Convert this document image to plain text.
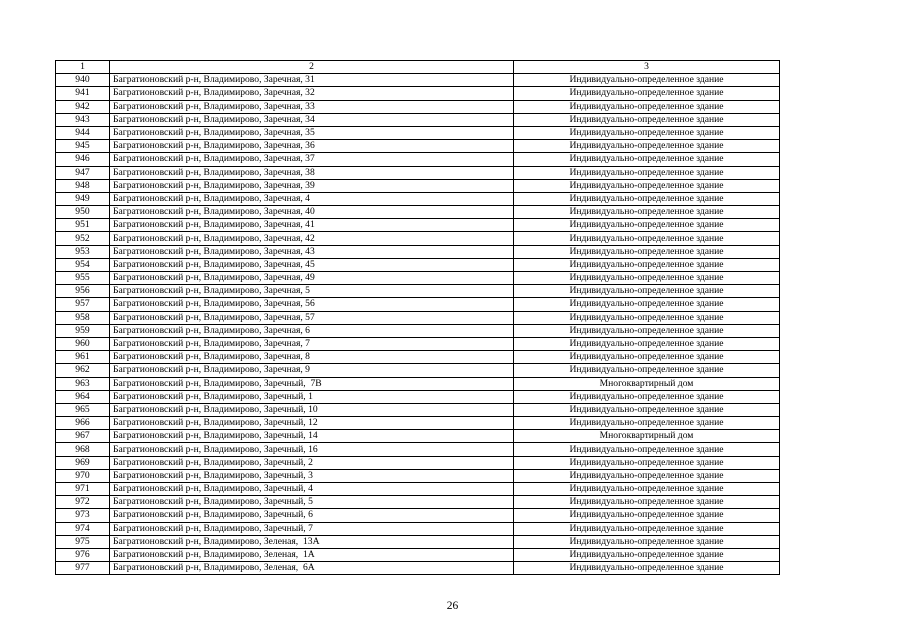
1	2	3
940	Багратионовский р-н, Владимирово, Заречная, 31	Индивидуально-определенное здание
941	Багратионовский р-н, Владимирово, Заречная, 32	Индивидуально-определенное здание
942	Багратионовский р-н, Владимирово, Заречная, 33	Индивидуально-определенное здание
943	Багратионовский р-н, Владимирово, Заречная, 34	Индивидуально-определенное здание
944	Багратионовский р-н, Владимирово, Заречная, 35	Индивидуально-определенное здание
945	Багратионовский р-н, Владимирово, Заречная, 36	Индивидуально-определенное здание
946	Багратионовский р-н, Владимирово, Заречная, 37	Индивидуально-определенное здание
947	Багратионовский р-н, Владимирово, Заречная, 38	Индивидуально-определенное здание
948	Багратионовский р-н, Владимирово, Заречная, 39	Индивидуально-определенное здание
949	Багратионовский р-н, Владимирово, Заречная, 4	Индивидуально-определенное здание
950	Багратионовский р-н, Владимирово, Заречная, 40	Индивидуально-определенное здание
951	Багратионовский р-н, Владимирово, Заречная, 41	Индивидуально-определенное здание
952	Багратионовский р-н, Владимирово, Заречная, 42	Индивидуально-определенное здание
953	Багратионовский р-н, Владимирово, Заречная, 43	Индивидуально-определенное здание
954	Багратионовский р-н, Владимирово, Заречная, 45	Индивидуально-определенное здание
955	Багратионовский р-н, Владимирово, Заречная, 49	Индивидуально-определенное здание
956	Багратионовский р-н, Владимирово, Заречная, 5	Индивидуально-определенное здание
957	Багратионовский р-н, Владимирово, Заречная, 56	Индивидуально-определенное здание
958	Багратионовский р-н, Владимирово, Заречная, 57	Индивидуально-определенное здание
959	Багратионовский р-н, Владимирово, Заречная, 6	Индивидуально-определенное здание
960	Багратионовский р-н, Владимирово, Заречная, 7	Индивидуально-определенное здание
961	Багратионовский р-н, Владимирово, Заречная, 8	Индивидуально-определенное здание
962	Багратионовский р-н, Владимирово, Заречная, 9	Индивидуально-определенное здание
963	Багратионовский р-н, Владимирово, Заречный,  7В	Многоквартирный дом
964	Багратионовский р-н, Владимирово, Заречный, 1	Индивидуально-определенное здание
965	Багратионовский р-н, Владимирово, Заречный, 10	Индивидуально-определенное здание
966	Багратионовский р-н, Владимирово, Заречный, 12	Индивидуально-определенное здание
967	Багратионовский р-н, Владимирово, Заречный, 14	Многоквартирный дом
968	Багратионовский р-н, Владимирово, Заречный, 16	Индивидуально-определенное здание
969	Багратионовский р-н, Владимирово, Заречный, 2	Индивидуально-определенное здание
970	Багратионовский р-н, Владимирово, Заречный, 3	Индивидуально-определенное здание
971	Багратионовский р-н, Владимирово, Заречный, 4	Индивидуально-определенное здание
972	Багратионовский р-н, Владимирово, Заречный, 5	Индивидуально-определенное здание
973	Багратионовский р-н, Владимирово, Заречный, 6	Индивидуально-определенное здание
974	Багратионовский р-н, Владимирово, Заречный, 7	Индивидуально-определенное здание
975	Багратионовский р-н, Владимирово, Зеленая,  13А	Индивидуально-определенное здание
976	Багратионовский р-н, Владимирово, Зеленая,  1А	Индивидуально-определенное здание
977	Багратионовский р-н, Владимирово, Зеленая,  6А	Индивидуально-определенное здание
26
